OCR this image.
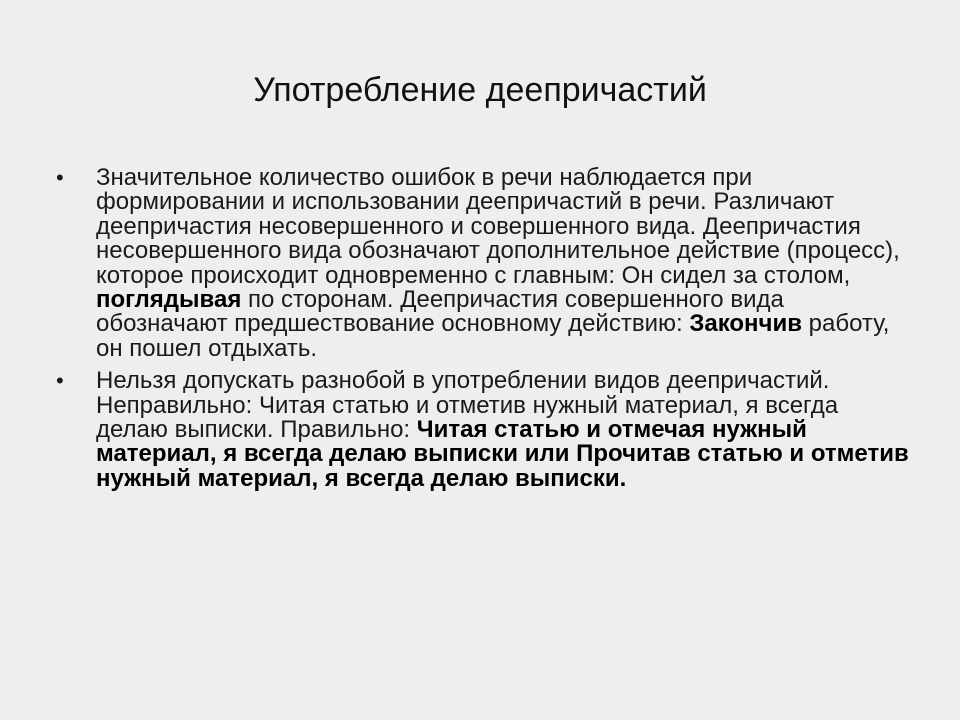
Употребление деепричастий
• Значительное количество ошибок в речи наблюдается при формировании и использовании деепричастий в речи. Различают деепричастия несовершенного и совершенного вида. Деепричастия несовершенного вида обозначают дополнительное действие (процесс), которое происходит одновременно с главным: Он сидел за столом, поглядывая по сторонам. Деепричастия совершенного вида обозначают предшествование основному действию: Закончив работу, он пошел отдыхать.
• Нельзя допускать разнобой в употреблении видов деепричастий. Неправильно: Читая статью и отметив нужный материал, я всегда делаю выписки. Правильно: Читая статью и отмечая нужный материал, я всегда делаю выписки или Прочитав статью и отметив нужный материал, я всегда делаю выписки.
